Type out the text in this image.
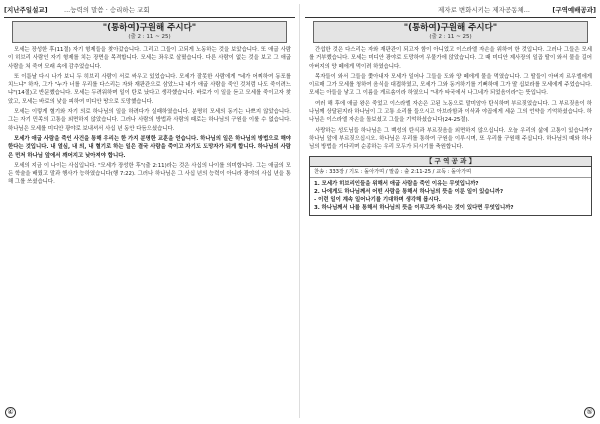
[지난주일설교]	...능력의 말씀 · 승리하는 교회
"(통하여)구원해 주시다"
(출 2 : 11 ~ 25)

모세는 장성한 후(11절) 자기 형제들을 찾아갔습니다. 그리고 그들이 고되게 노동하는 것을 보았습니다. 또 애굽 사람이 히브리 사람인 자기 형제를 치는 장면을 목격합니다. 모세는 좌우로 살폈습니다. 다른 사람이 없는 것을 보고 그 애굽 사람을 쳐 죽여 모래 속에 감추었습니다.

또 이튿날 다시 나가 보니 두 히브리 사람이 서로 싸우고 있었습니다. 모세가 잘못한 사람에게 "네가 어찌하여 동포를 치느냐" 하자, 그가 "누가 너를 우리를 다스리는 자와 재판관으로 삼았느냐 네가 애굽 사람을 죽인 것처럼 나도 죽이려느냐"(14절)고 반문했습니다. 모세는 두려워하며 일이 탄로 났다고 생각했습니다. 바로가 이 일을 듣고 모세를 죽이고자 찾았고, 모세는 바로의 낯을 피하여 미디안 땅으로 도망했습니다.

모세는 이렇게 혈기와 자기 의로 하나님의 일을 하려다가 실패하였습니다. 분명히 모세의 동기는 나쁘지 않았습니다. 그는 자기 민족의 고통을 외면하지 않았습니다. 그러나 사람의 방법과 사람의 때로는 하나님의 구원을 이룰 수 없습니다. 하나님은 모세를 미디안 광야로 보내셔서 사십 년 동안 다듬으셨습니다.

모세가 애굽 사람을 죽인 사건을 통해 우리는 한 가지 분명한 교훈을 얻습니다. 하나님의 일은 하나님의 방법으로 해야 한다는 것입니다. 내 열심, 내 의, 내 혈기로 하는 일은 결국 사람을 죽이고 자기도 도망자가 되게 합니다. 하나님의 사람은 먼저 하나님 앞에서 깨어지고 낮아져야 합니다.

모세의 지금 이 나이는 사십입니다. "모세가 장성한 후"(출 2:11)라는 것은 사십의 나이를 의미합니다. 그는 애굽의 모든 학술을 배웠고 말과 행사가 능하였습니다(행 7:22). 그러나 하나님은 그 사십 년의 능력이 아니라 광야의 사십 년을 통해 그를 쓰셨습니다.

④
제자로 변화시키는 제자공동체...	[구역예배공과]
"(통하여)구원해 주시다"
(출 2 : 11 ~ 25)

간섭한 것은 다스리는 자와 재판관이 되고자 함이 아니었고 이스라엘 자손을 위하여 한 것입니다. 그러나 그들은 모세를 거부했습니다. 모세는 미디안 광야로 도망하여 우물가에 앉았습니다. 그 때 미디안 제사장의 일곱 딸이 와서 물을 길어 아버지의 양 떼에게 먹이려 하였습니다.

목자들이 와서 그들을 쫓아내자 모세가 일어나 그들을 도와 양 떼에게 물을 먹였습니다. 그 딸들이 아버지 르우엘에게 이르매 그가 모세를 청하여 음식을 대접하였고, 모세가 그와 동거하기를 기뻐하매 그가 딸 십보라를 모세에게 주었습니다. 모세는 아들을 낳고 그 이름을 게르솜이라 하였으니 "내가 타국에서 나그네가 되었음이라"는 뜻입니다.

여러 해 후에 애굽 왕은 죽었고 이스라엘 자손은 고된 노동으로 말미암아 탄식하며 부르짖었습니다. 그 부르짖음이 하나님께 상달된지라 하나님이 그 고통 소리를 들으시고 아브라함과 이삭과 야곱에게 세운 그의 언약을 기억하셨습니다. 하나님은 이스라엘 자손을 돌보셨고 그들을 기억하셨습니다(24-25절).

사랑하는 성도님들 하나님은 그 백성의 탄식과 부르짖음을 외면하지 않으십니다. 오늘 우리의 삶에 고통이 있습니까? 하나님 앞에 부르짖으십시오. 하나님은 우리를 통하여 구원을 이루시며, 또 우리를 구원해 주십니다. 하나님의 때와 하나님의 방법을 기다리며 순종하는 우리 모두가 되시기를 축원합니다.

【 구 역 공 과 】
찬송 : 333장 / 기도 : 돌아가며 / 말씀 : 출 2:11-25 / 교독 : 돌아가며
1. 모세가 히브리인들을 위해서 애굽 사람을 죽인 이유는 무엇입니까?
2. 나에게도 하나님께서 어떤 사람을 통해서 하나님의 뜻을 이룬 일이 있습니까?
- 이런 일이 계속 일어나기를 기대하며 생각해 봅시다.
3. 하나님께서 나를 통해서 하나님의 뜻을 이루고자 하시는 것이 있다면 무엇입니까?
⑤
